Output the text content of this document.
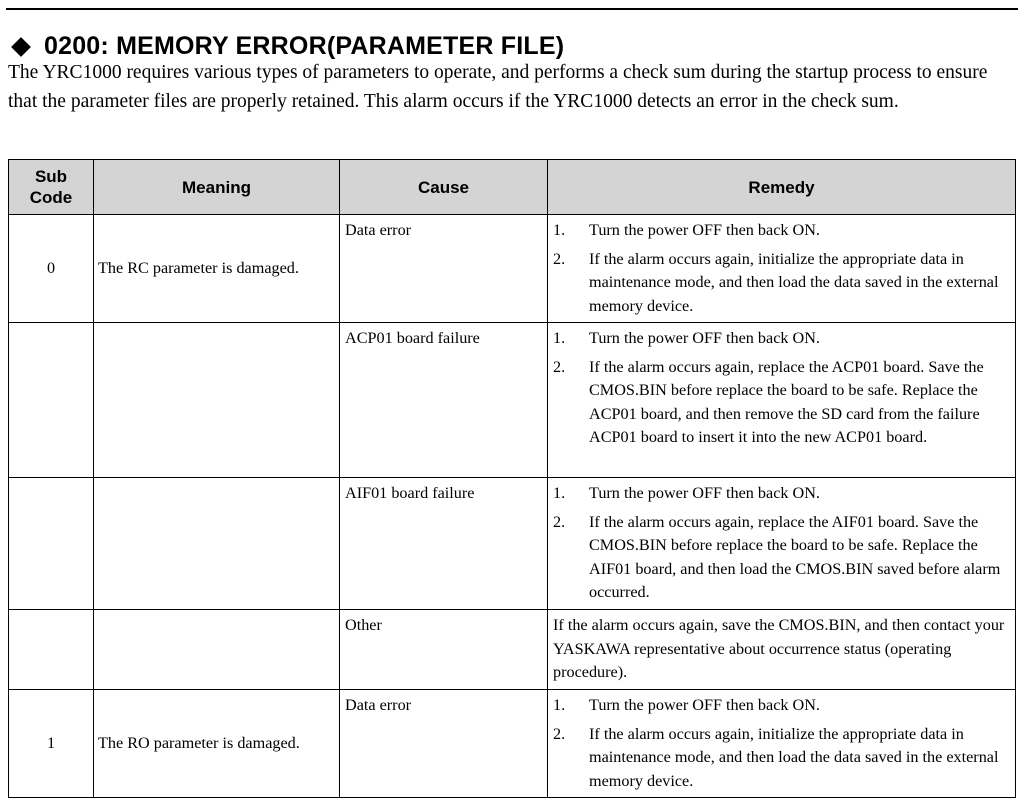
0200: MEMORY ERROR(PARAMETER FILE)

The YRC1000 requires various types of parameters to operate, and performs a check sum during the startup process to ensure that the parameter files are properly retained. This alarm occurs if the YRC1000 detects an error in the check sum.

Sub
Code	Meaning	Cause	Remedy
0	The RC parameter is damaged.	Data error	1. Turn the power OFF then back ON.
2. If the alarm occurs again, initialize the appropriate data in maintenance mode, and then load the data saved in the external memory device.

		ACP01 board failure	1. Turn the power OFF then back ON.
2. If the alarm occurs again, replace the ACP01 board. Save the CMOS.BIN before replace the board to be safe. Replace the ACP01 board, and then remove the SD card from the failure ACP01 board to insert it into the new ACP01 board.

		AIF01 board failure	1. Turn the power OFF then back ON.
2. If the alarm occurs again, replace the AIF01 board. Save the CMOS.BIN before replace the board to be safe. Replace the AIF01 board, and then load the CMOS.BIN saved before alarm occurred.

		Other	If the alarm occurs again, save the CMOS.BIN, and then contact your YASKAWA representative about occurrence status (operating procedure).

1	The RO parameter is damaged.	Data error	1. Turn the power OFF then back ON.
2. If the alarm occurs again, initialize the appropriate data in maintenance mode, and then load the data saved in the external memory device.
